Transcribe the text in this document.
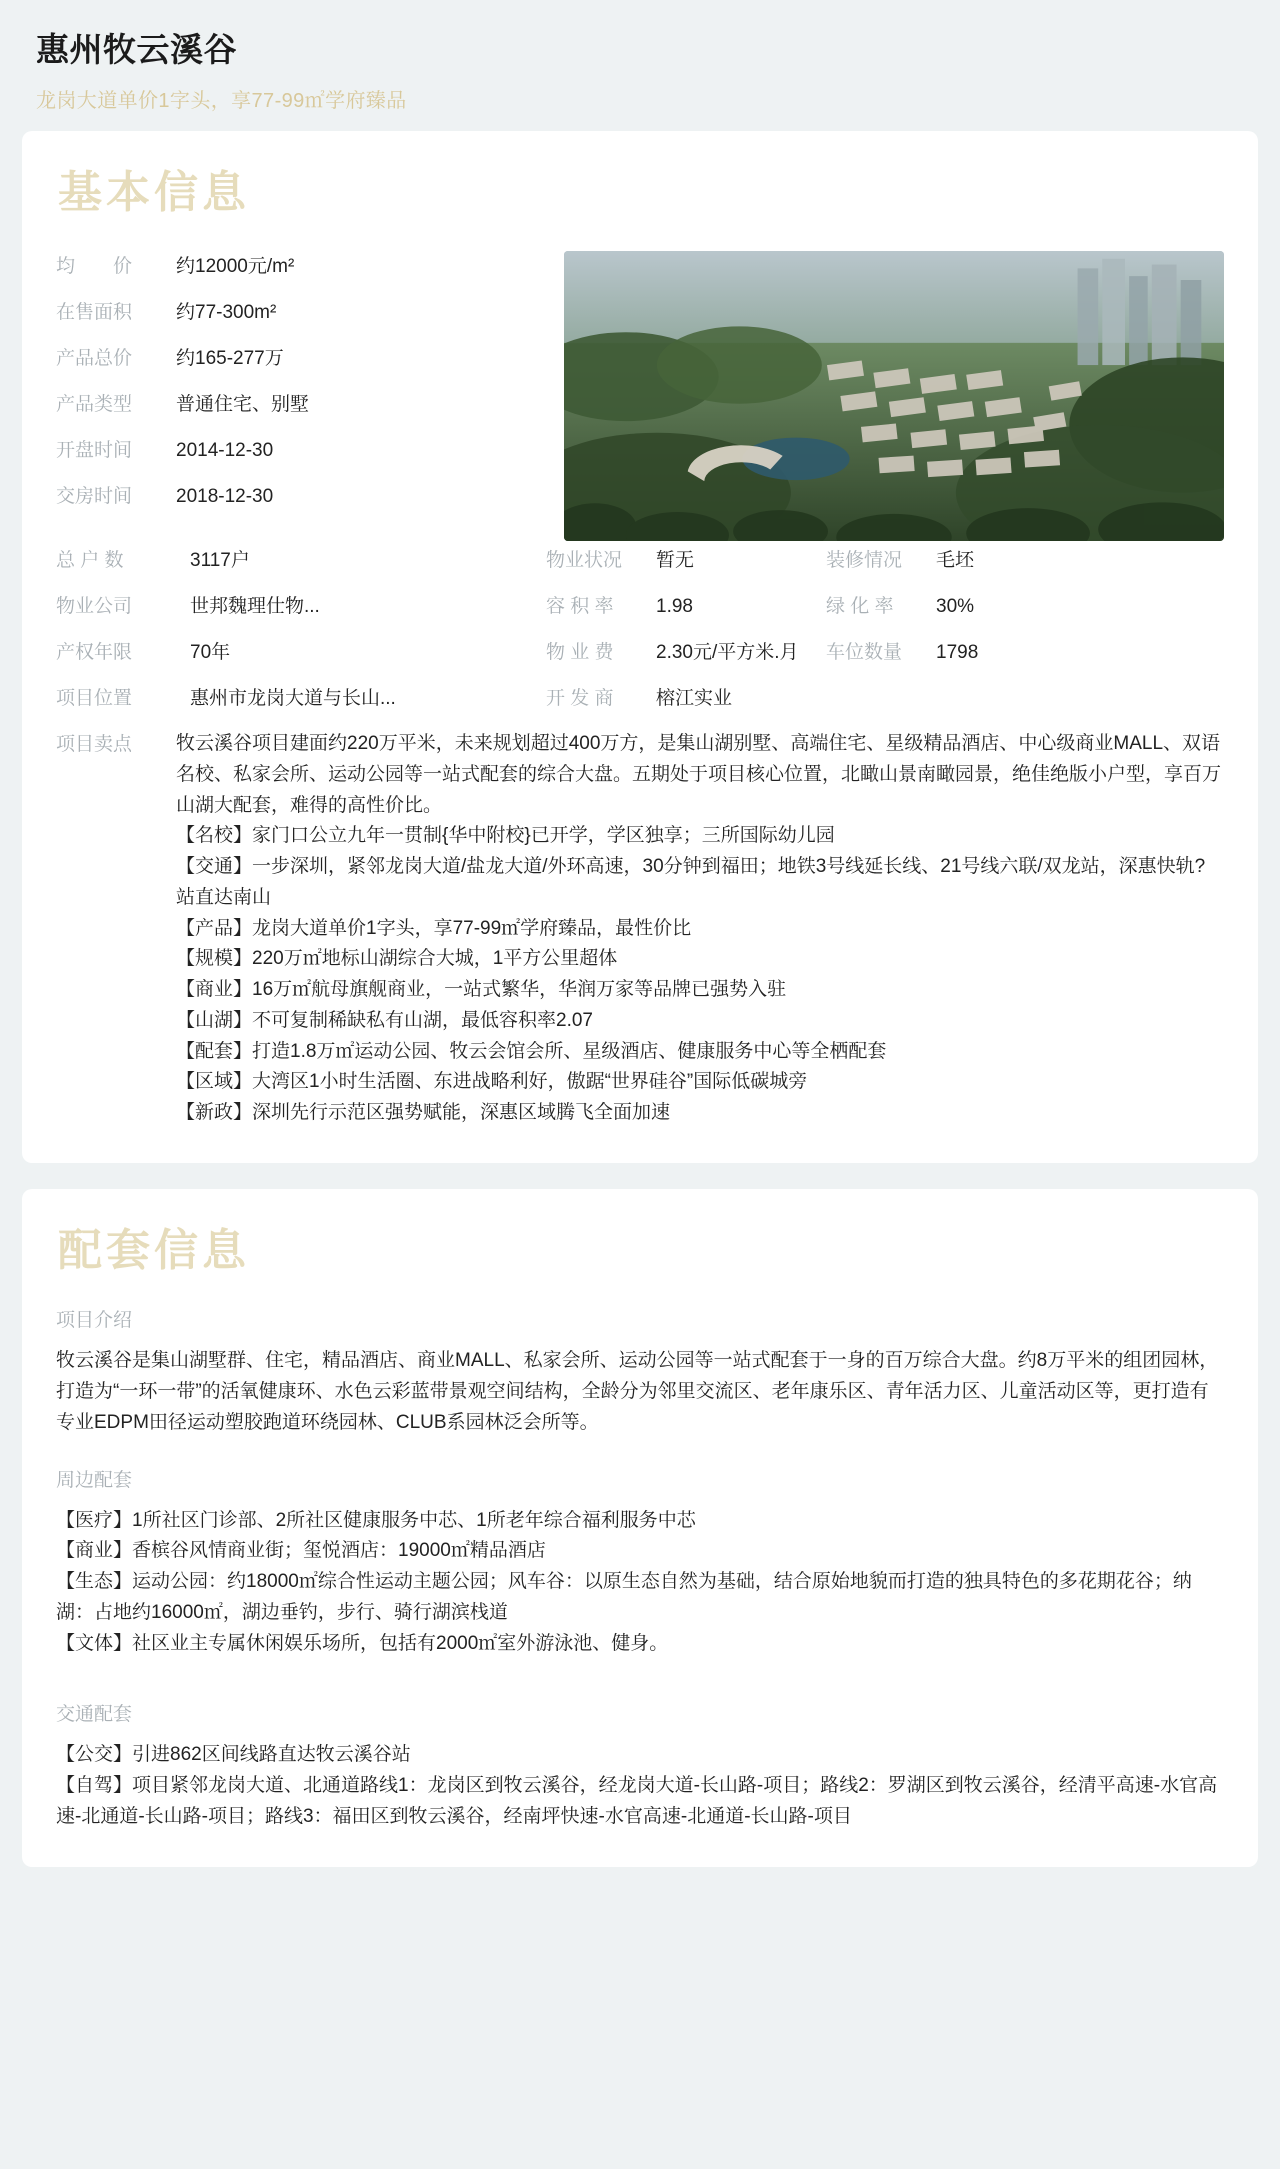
惠州牧云溪谷

龙岗大道单价1字头，享77-99㎡学府臻品

基本信息
均　　价	约12000元/m²
在售面积	约77-300m²
产品总价	约165-277万
产品类型	普通住宅、别墅
开盘时间	2014-12-30
交房时间	2018-12-30
总 户 数	3117户	物业状况	暂无	装修情况	毛坯
物业公司	世邦魏理仕物...	容 积 率	1.98	绿 化 率	30%
产权年限	70年	物 业 费	2.30元/平方米.月 车位数量	1798
项目位置	惠州市龙岗大道与长山...	开 发 商	榕江实业
项目卖点	牧云溪谷项目建面约220万平米，未来规划超过400万方，是集山湖别墅、高端住宅、星级精品酒店、中心级商业MALL、双语名校、私家会所、运动公园等一站式配套的综合大盘。五期处于项目核心位置，北瞰山景南瞰园景，绝佳绝版小户型，享百万山湖大配套，难得的高性价比。

【名校】家门口公立九年一贯制{华中附校}已开学，学区独享；三所国际幼儿园

【交通】一步深圳，紧邻龙岗大道/盐龙大道/外环高速，30分钟到福田；地铁3号线延长线、21号线六联/双龙站，深惠快轨?站直达南山

【产品】龙岗大道单价1字头，享77-99㎡学府臻品，最性价比

【规模】220万㎡地标山湖综合大城，1平方公里超体

【商业】16万㎡航母旗舰商业，一站式繁华，华润万家等品牌已强势入驻

【山湖】不可复制稀缺私有山湖，最低容积率2.07

【配套】打造1.8万㎡运动公园、牧云会馆会所、星级酒店、健康服务中心等全栖配套

【区域】大湾区1小时生活圈、东进战略利好，傲踞“世界硅谷”国际低碳城旁

【新政】深圳先行示范区强势赋能，深惠区域腾飞全面加速

配套信息
项目介绍

牧云溪谷是集山湖墅群、住宅，精品酒店、商业MALL、私家会所、运动公园等一站式配套于一身的百万综合大盘。约8万平米的组团园林，打造为“一环一带”的活氧健康环、水色云彩蓝带景观空间结构，全龄分为邻里交流区、老年康乐区、青年活力区、儿童活动区等，更打造有专业EDPM田径运动塑胶跑道环绕园林、CLUB系园林泛会所等。

周边配套

【医疗】1所社区门诊部、2所社区健康服务中芯、1所老年综合福利服务中芯

【商业】香槟谷风情商业街；玺悦酒店：19000㎡精品酒店

【生态】运动公园：约18000㎡综合性运动主题公园；风车谷：以原生态自然为基础，结合原始地貌而打造的独具特色的多花期花谷；纳湖：占地约16000㎡，湖边垂钓，步行、骑行湖滨栈道

【文体】社区业主专属休闲娱乐场所，包括有2000㎡室外游泳池、健身。

交通配套

【公交】引进862区间线路直达牧云溪谷站

【自驾】项目紧邻龙岗大道、北通道路线1：龙岗区到牧云溪谷，经龙岗大道-长山路-项目；路线2：罗湖区到牧云溪谷，经清平高速-水官高速-北通道-长山路-项目；路线3：福田区到牧云溪谷，经南坪快速-水官高速-北通道-长山路-项目
